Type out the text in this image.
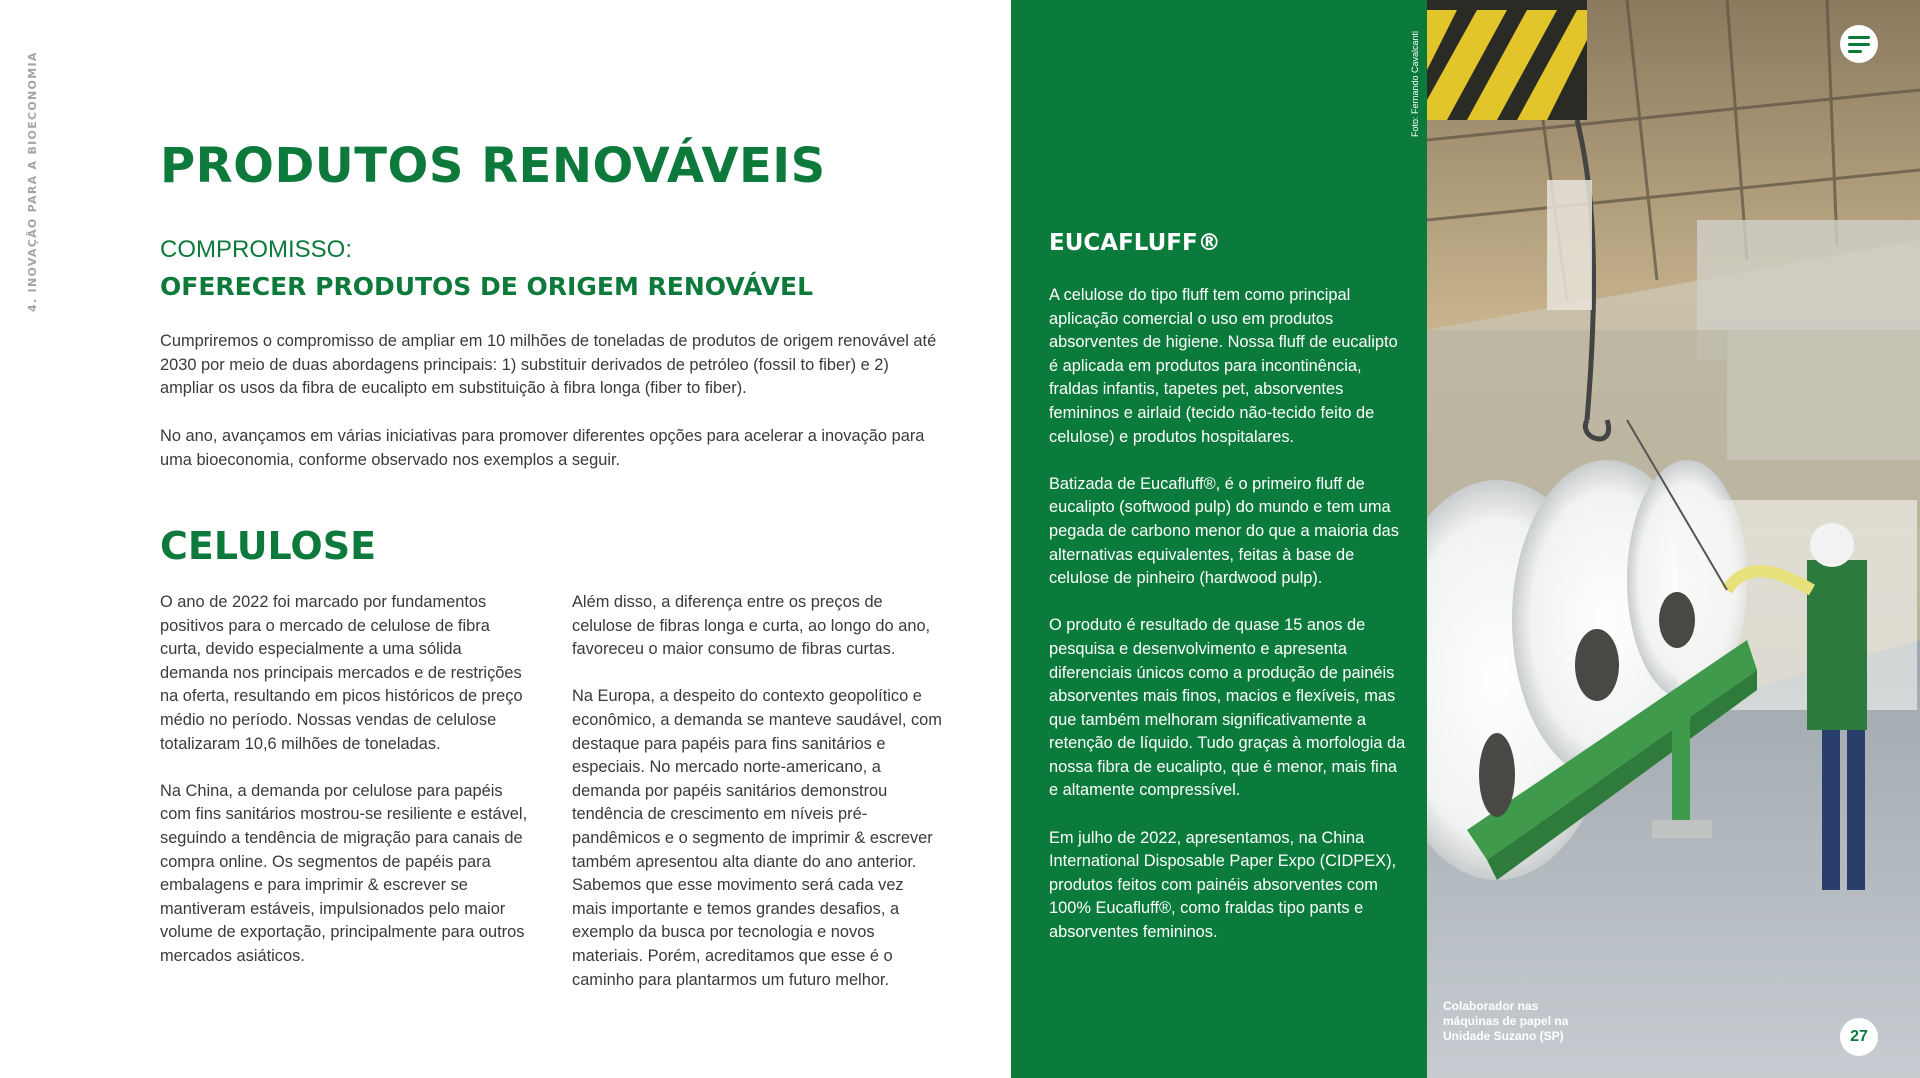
4. INOVAÇÃO PARA A BIOECONOMIA	PRODUTOS RENOVÁVEIS
COMPROMISSO:
OFERECER PRODUTOS DE ORIGEM RENOVÁVEL

Cumpriremos o compromisso de ampliar em 10 milhões de toneladas de produtos de origem renovável até 2030 por meio de duas abordagens principais: 1) substituir derivados de petróleo (fossil to fiber) e 2) ampliar os usos da fibra de eucalipto em substituição à fibra longa (fiber to fiber).

No ano, avançamos em várias iniciativas para promover diferentes opções para acelerar a inovação para uma bioeconomia, conforme observado nos exemplos a seguir.

CELULOSE

O ano de 2022 foi marcado por fundamentos positivos para o mercado de celulose de fibra curta, devido especialmente a uma sólida demanda nos principais mercados e de restrições na oferta, resultando em picos históricos de preço médio no período. Nossas vendas de celulose totalizaram 10,6 milhões de toneladas.

Na China, a demanda por celulose para papéis com fins sanitários mostrou-se resiliente e estável, seguindo a tendência de migração para canais de compra online. Os segmentos de papéis para embalagens e para imprimir & escrever se mantiveram estáveis, impulsionados pelo maior volume de exportação, principalmente para outros mercados asiáticos.

Além disso, a diferença entre os preços de celulose de fibras longa e curta, ao longo do ano, favoreceu o maior consumo de fibras curtas.

Na Europa, a despeito do contexto geopolítico e econômico, a demanda se manteve saudável, com destaque para papéis para fins sanitários e especiais. No mercado norte-americano, a demanda por papéis sanitários demonstrou tendência de crescimento em níveis pré-pandêmicos e o segmento de imprimir & escrever também apresentou alta diante do ano anterior. Sabemos que esse movimento será cada vez mais importante e temos grandes desafios, a exemplo da busca por tecnologia e novos materiais. Porém, acreditamos que esse é o caminho para plantarmos um futuro melhor.

EUCAFLUFF®

A celulose do tipo fluff tem como principal aplicação comercial o uso em produtos absorventes de higiene. Nossa fluff de eucalipto é aplicada em produtos para incontinência, fraldas infantis, tapetes pet, absorventes femininos e airlaid (tecido não-tecido feito de celulose) e produtos hospitalares.

Batizada de Eucafluff®, é o primeiro fluff de eucalipto (softwood pulp) do mundo e tem uma pegada de carbono menor do que a maioria das alternativas equivalentes, feitas à base de celulose de pinheiro (hardwood pulp).

O produto é resultado de quase 15 anos de pesquisa e desenvolvimento e apresenta diferenciais únicos como a produção de painéis absorventes mais finos, macios e flexíveis, mas que também melhoram significativamente a retenção de líquido. Tudo graças à morfologia da nossa fibra de eucalipto, que é menor, mais fina e altamente compressível.

Em julho de 2022, apresentamos, na China International Disposable Paper Expo (CIDPEX), produtos feitos com painéis absorventes com 100% Eucafluff®, como fraldas tipo pants e absorventes femininos.

Foto: Fernando Cavalcanti
Colaborador nas
máquinas de papel na
Unidade Suzano (SP)	27
